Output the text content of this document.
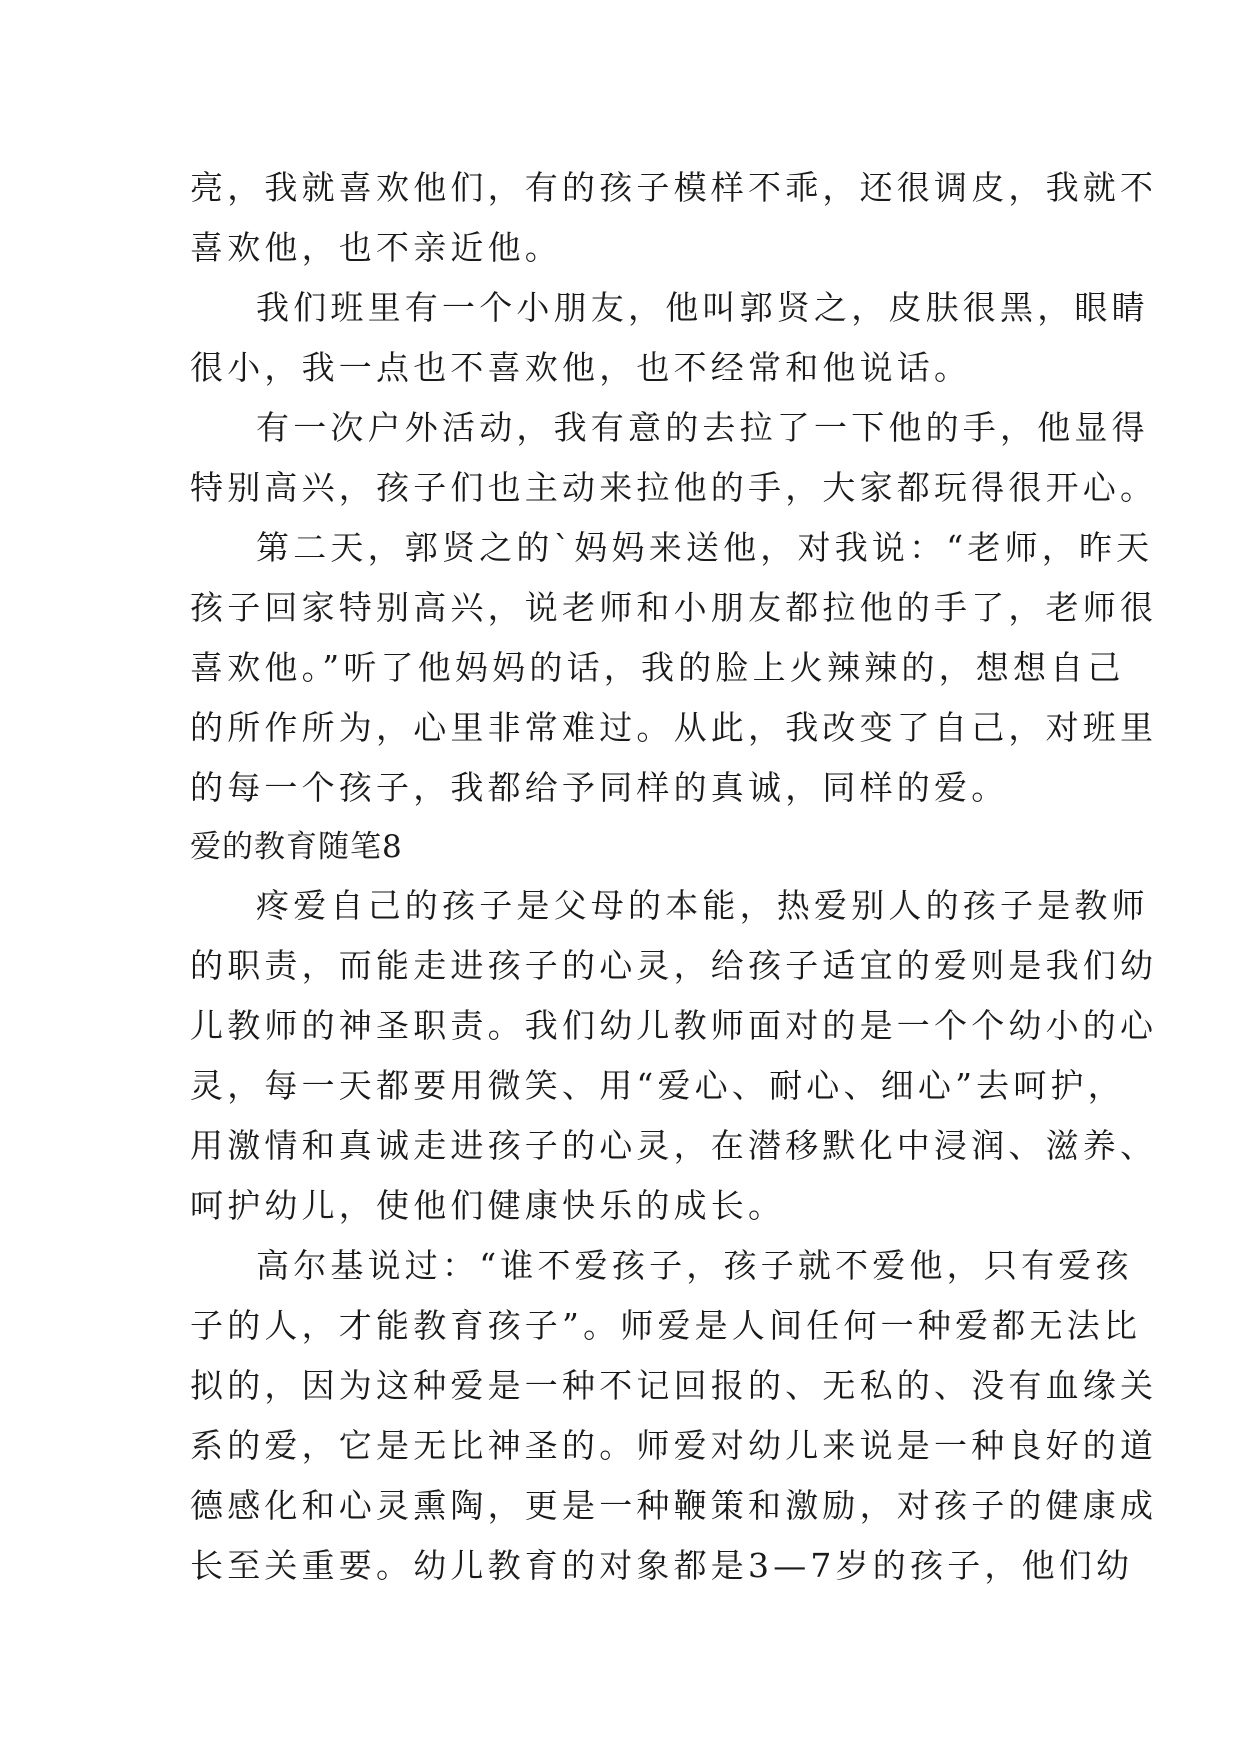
亮，我就喜欢他们，有的孩子模样不乖，还很调皮，我就不
喜欢他，也不亲近他。
我们班里有一个小朋友，他叫郭贤之，皮肤很黑，眼睛
很小，我一点也不喜欢他，也不经常和他说话。
有一次户外活动，我有意的去拉了一下他的手，他显得
特别高兴，孩子们也主动来拉他的手，大家都玩得很开心。
第二天，郭贤之的`妈妈来送他，对我说：“老师，昨天
孩子回家特别高兴，说老师和小朋友都拉他的手了，老师很
喜欢他。”听了他妈妈的话，我的脸上火辣辣的，想想自己
的所作所为，心里非常难过。从此，我改变了自己，对班里
的每一个孩子，我都给予同样的真诚，同样的爱。
爱的教育随笔8
疼爱自己的孩子是父母的本能，热爱别人的孩子是教师
的职责，而能走进孩子的心灵，给孩子适宜的爱则是我们幼
儿教师的神圣职责。我们幼儿教师面对的是一个个幼小的心
灵，每一天都要用微笑、用“爱心、耐心、细心”去呵护，
用激情和真诚走进孩子的心灵，在潜移默化中浸润、滋养、
呵护幼儿，使他们健康快乐的成长。
高尔基说过：“谁不爱孩子，孩子就不爱他，只有爱孩
子的人，才能教育孩子”。师爱是人间任何一种爱都无法比
拟的，因为这种爱是一种不记回报的、无私的、没有血缘关
系的爱，它是无比神圣的。师爱对幼儿来说是一种良好的道
德感化和心灵熏陶，更是一种鞭策和激励，对孩子的健康成
长至关重要。幼儿教育的对象都是3—7岁的孩子，他们幼
